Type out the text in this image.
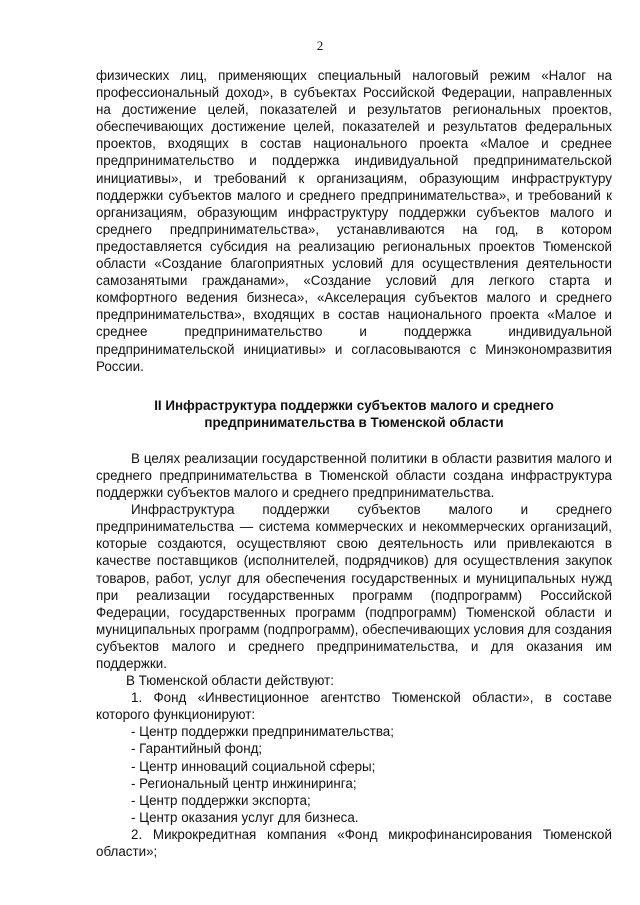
2

физических лиц, применяющих специальный налоговый режим «Налог на профессиональный доход», в субъектах Российской Федерации, направленных на достижение целей, показателей и результатов региональных проектов, обеспечивающих достижение целей, показателей и результатов федеральных проектов, входящих в состав национального проекта «Малое и среднее предпринимательство и поддержка индивидуальной предпринимательской инициативы», и требований к организациям, образующим инфраструктуру поддержки субъектов малого и среднего предпринимательства», и требований к организациям, образующим инфраструктуру поддержки субъектов малого и среднего предпринимательства», устанавливаются на год, в котором предоставляется субсидия на реализацию региональных проектов Тюменской области «Создание благоприятных условий для осуществления деятельности самозанятыми гражданами», «Создание условий для легкого старта и комфортного ведения бизнеса», «Акселерация субъектов малого и среднего предпринимательства», входящих в состав национального проекта «Малое и среднее предпринимательство и поддержка индивидуальной предпринимательской инициативы» и согласовываются с Минэкономразвития России.

II Инфраструктура поддержки субъектов малого и среднего предпринимательства в Тюменской области

В целях реализации государственной политики в области развития малого и среднего предпринимательства в Тюменской области создана инфраструктура поддержки субъектов малого и среднего предпринимательства.

Инфраструктура поддержки субъектов малого и среднего предпринимательства — система коммерческих и некоммерческих организаций, которые создаются, осуществляют свою деятельность или привлекаются в качестве поставщиков (исполнителей, подрядчиков) для осуществления закупок товаров, работ, услуг для обеспечения государственных и муниципальных нужд при реализации государственных программ (подпрограмм) Российской Федерации, государственных программ (подпрограмм) Тюменской области и муниципальных программ (подпрограмм), обеспечивающих условия для создания субъектов малого и среднего предпринимательства, и для оказания им поддержки.

В Тюменской области действуют:

1. Фонд «Инвестиционное агентство Тюменской области», в составе которого функционируют:

- Центр поддержки предпринимательства;
- Гарантийный фонд;
- Центр инноваций социальной сферы;
- Региональный центр инжиниринга;
- Центр поддержки экспорта;
- Центр оказания услуг для бизнеса.

2. Микрокредитная компания «Фонд микрофинансирования Тюменской области»;
